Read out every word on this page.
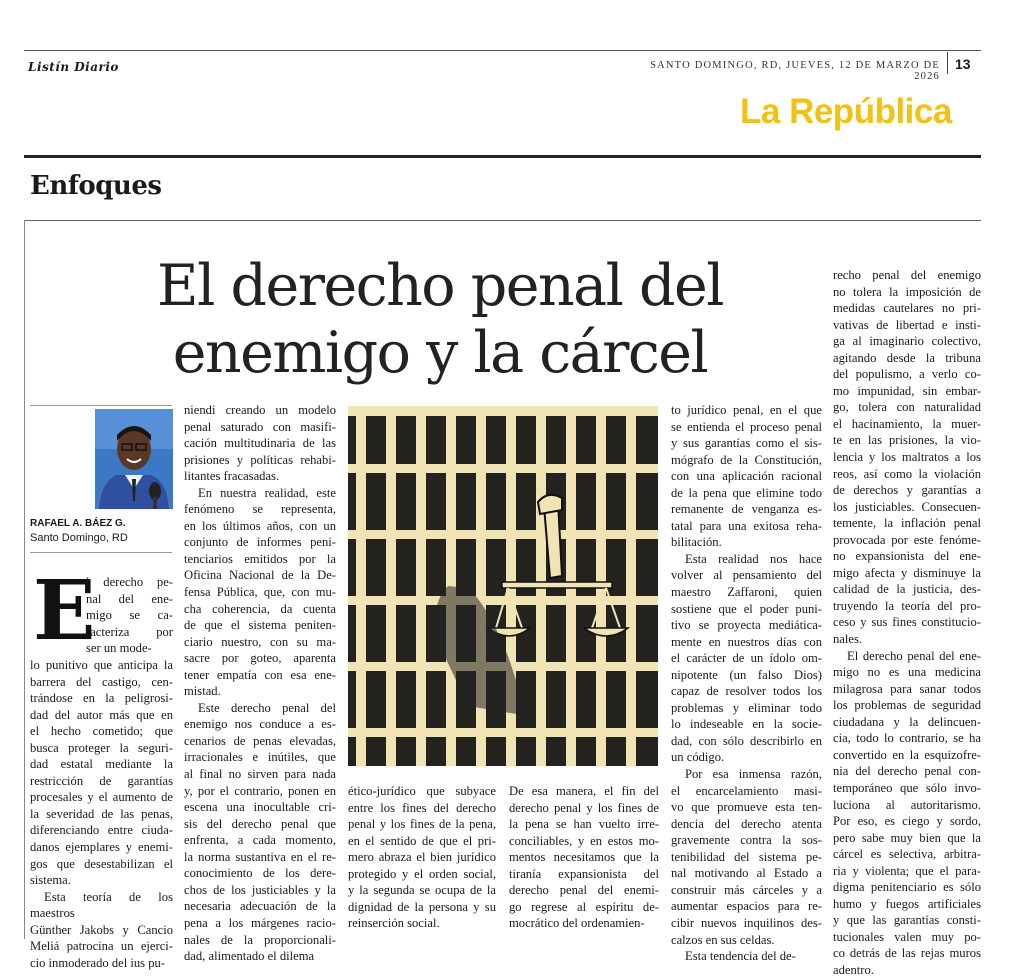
Listín Diario	SANTO DOMINGO, RD, JUEVES, 12 DE MARZO DE 2026
13
La República
Enfoques
El derecho penal del
enemigo y la cárcel
RAFAEL A. BÁEZ G.
Santo Domingo, RD
E

l derecho pe-

nal del ene-

migo se ca-

racteriza por

ser un mode-

lo punitivo que anticipa la

barrera del castigo, cen-

trándose en la peligrosi-

dad del autor más que en

el hecho cometido; que

busca proteger la seguri-

dad estatal mediante la

restricción de garantías

procesales y el aumento de

la severidad de las penas,

diferenciando entre ciuda-

danos ejemplares y enemi-

gos que desestabilizan el

sistema.

Esta teoría de los maestros

Günther Jakobs y Cancio

Meliá patrocina un ejerci-

cio inmoderado del ius pu-

niendi creando un modelo

penal saturado con masifi-

cación multitudinaria de las

prisiones y políticas rehabi-

litantes fracasadas.

En nuestra realidad, este

fenómeno se representa,

en los últimos años, con un

conjunto de informes peni-

tenciarios emitidos por la

Oficina Nacional de la De-

fensa Pública, que, con mu-

cha coherencia, da cuenta

de que el sistema peniten-

ciario nuestro, con su ma-

sacre por goteo, aparenta

tener empatía con esa ene-

mistad.

Este derecho penal del

enemigo nos conduce a es-

cenarios de penas elevadas,

irracionales e inútiles, que

al final no sirven para nada

y, por el contrario, ponen en

escena una inocultable cri-

sis del derecho penal que

enfrenta, a cada momento,

la norma sustantiva en el re-

conocimiento de los dere-

chos de los justiciables y la

necesaria adecuación de la

pena a los márgenes racio-

nales de la proporcionali-

dad, alimentado el dilema

ético-jurídico que subyace

entre los fines del derecho

penal y los fines de la pena,

en el sentido de que el pri-

mero abraza el bien jurídico

protegido y el orden social,

y la segunda se ocupa de la

dignidad de la persona y su

reinserción social.

De esa manera, el fin del

derecho penal y los fines de

la pena se han vuelto irre-

conciliables, y en estos mo-

mentos necesitamos que la

tiranía expansionista del

derecho penal del enemi-

go regrese al espíritu de-

mocrático del ordenamien-

to jurídico penal, en el que

se entienda el proceso penal

y sus garantías como el sis-

mógrafo de la Constitución,

con una aplicación racional

de la pena que elimine todo

remanente de venganza es-

tatal para una exitosa reha-

bilitación.

Esta realidad nos hace

volver al pensamiento del

maestro Zaffaroni, quien

sostiene que el poder puni-

tivo se proyecta mediática-

mente en nuestros días con

el carácter de un ídolo om-

nipotente (un falso Dios)

capaz de resolver todos los

problemas y eliminar todo

lo indeseable en la socie-

dad, con sólo describirlo en

un código.

Por esa inmensa razón,

el encarcelamiento masi-

vo que promueve esta ten-

dencia del derecho atenta

gravemente contra la sos-

tenibilidad del sistema pe-

nal motivando al Estado a

construir más cárceles y a

aumentar espacios para re-

cibir nuevos inquilinos des-

calzos en sus celdas.

Esta tendencia del de-

recho penal del enemigo

no tolera la imposición de

medidas cautelares no pri-

vativas de libertad e insti-

ga al imaginario colectivo,

agitando desde la tribuna

del populismo, a verlo co-

mo impunidad, sin embar-

go, tolera con naturalidad

el hacinamiento, la muer-

te en las prisiones, la vio-

lencia y los maltratos a los

reos, así como la violación

de derechos y garantías a

los justiciables. Consecuen-

temente, la inflación penal

provocada por este fenóme-

no expansionista del ene-

migo afecta y disminuye la

calidad de la justicia, des-

truyendo la teoría del pro-

ceso y sus fines constitucio-

nales.

El derecho penal del ene-

migo no es una medicina

milagrosa para sanar todos

los problemas de seguridad

ciudadana y la delincuen-

cia, todo lo contrario, se ha

convertido en la esquizofre-

nia del derecho penal con-

temporáneo que sólo invo-

luciona al autoritarismo.

Por eso, es ciego y sordo,

pero sabe muy bien que la

cárcel es selectiva, arbitra-

ria y violenta; que el para-

digma penitenciario es sólo

humo y fuegos artificiales

y que las garantías consti-

tucionales valen muy po-

co detrás de las rejas muros

adentro.
